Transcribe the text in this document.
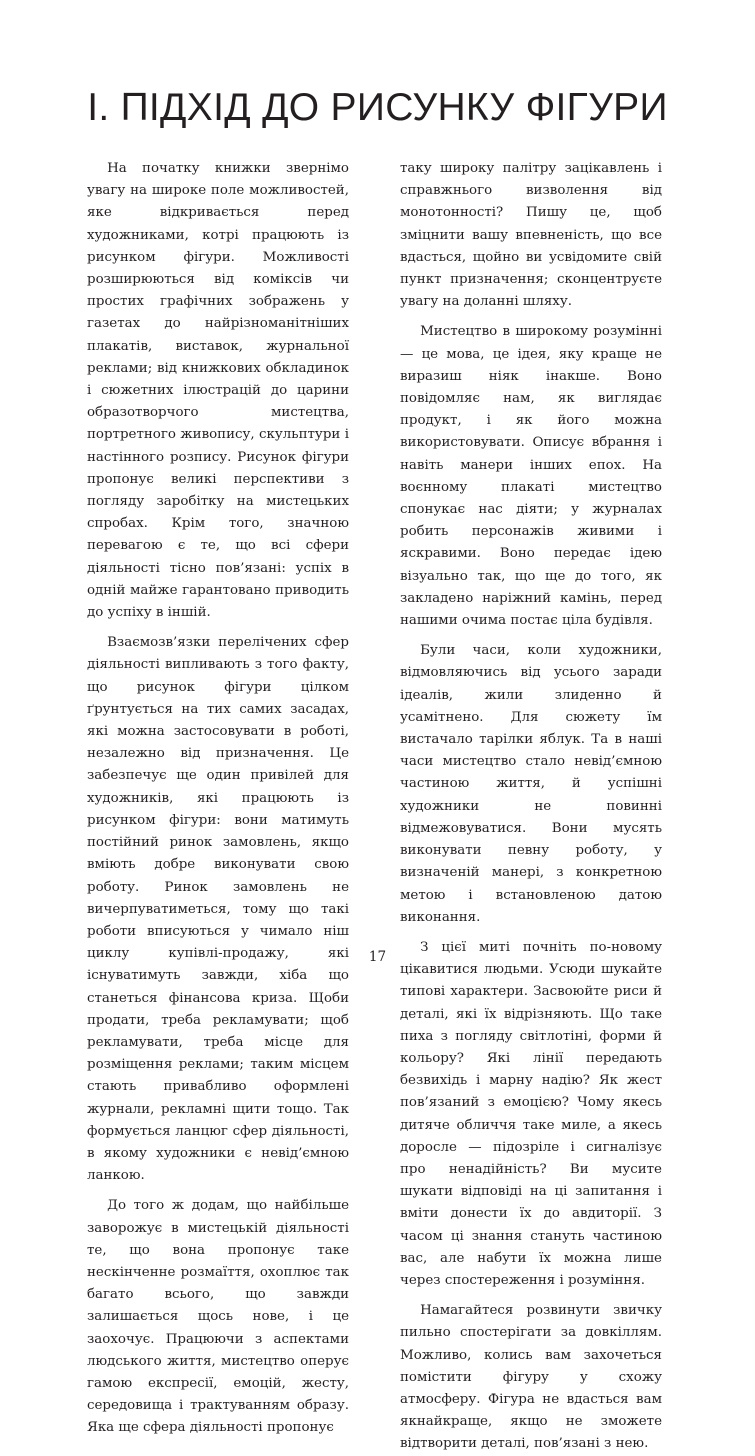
І. ПІДХІД ДО РИСУНКУ ФІГУРИ

На початку книжки звернімо увагу на широке поле можливостей, яке відкривається перед художниками, котрі працюють із рисунком фігури. Можливості розширюються від коміксів чи простих графічних зображень у газетах до найрізноманітніших плакатів, виставок, журнальної реклами; від книжкових обкладинок і сюжетних ілюстрацій до царини образотворчого мистецтва, портретного живопису, скульптури і настінного розпису. Рисунок фігури пропонує великі перспективи з погляду заробітку на мистецьких спробах. Крім того, значною перевагою є те, що всі сфери діяльності тісно пов’язані: успіх в одній майже гарантовано приводить до успіху в іншій.

Взаємозв’язки перелічених сфер діяльності випливають з того факту, що рисунок фігури цілком ґрунтується на тих самих засадах, які можна застосовувати в роботі, незалежно від призначення. Це забезпечує ще один привілей для художників, які працюють із рисунком фігури: вони матимуть постійний ринок замовлень, якщо вміють добре виконувати свою роботу. Ринок замовлень не вичерпуватиметься, тому що такі роботи вписуються у чимало ніш циклу купівлі-продажу, які існуватимуть завжди, хіба що станеться фінансова криза. Щоби продати, треба рекламувати; щоб рекламувати, треба місце для розміщення реклами; таким місцем стають привабливо оформлені журнали, рекламні щити тощо. Так формується ланцюг сфер діяльності, в якому художники є невід’ємною ланкою.

До того ж додам, що найбільше заворожує в мистецькій діяльності те, що вона пропонує таке нескінченне розмаїття, охоплює так багато всього, що завжди залишається щось нове, і це заохочує. Працюючи з аспектами людського життя, мистецтво оперує гамою експресії, емоцій, жесту, середовища і трактуванням образу. Яка ще сфера діяльності пропонує

таку широку палітру зацікавлень і справжнього визволення від монотонності? Пишу це, щоб зміцнити вашу впевненість, що все вдасться, щойно ви усвідомите свій пункт призначення; сконцентруєте увагу на доланні шляху.

Мистецтво в широкому розумінні — це мова, це ідея, яку краще не виразиш ніяк інакше. Воно повідомляє нам, як виглядає продукт, і як його можна використовувати. Описує вбрання і навіть манери інших епох. На воєнному плакаті мистецтво спонукає нас діяти; у журналах робить персонажів живими і яскравими. Воно передає ідею візуально так, що ще до того, як закладено наріжний камінь, перед нашими очима постає ціла будівля.

Були часи, коли художники, відмовляючись від усього заради ідеалів, жили злиденно й усамітнено. Для сюжету їм вистачало тарілки яблук. Та в наші часи мистецтво стало невід’ємною частиною життя, й успішні художники не повинні відмежовуватися. Вони мусять виконувати певну роботу, у визначеній манері, з конкретною метою і встановленою датою виконання.

З цієї миті почніть по-новому цікавитися людьми. Усюди шукайте типові характери. Засвоюйте риси й деталі, які їх відрізняють. Що таке пиха з погляду світлотіні, форми й кольору? Які лінії передають безвихідь і марну надію? Як жест пов’язаний з емоцією? Чому якесь дитяче обличчя таке миле, а якесь доросле — підозріле і сигналізує про ненадійність? Ви мусите шукати відповіді на ці запитання і вміти донести їх до авдиторії. З часом ці знання стануть частиною вас, але набути їх можна лише через спостереження і розуміння.

Намагайтеся розвинути звичку пильно спостерігати за довкіллям. Можливо, колись вам захочеться помістити фігуру у схожу атмосферу. Фігура не вдасться вам якнайкраще, якщо не зможете відтворити деталі, пов’язані з нею.

17
